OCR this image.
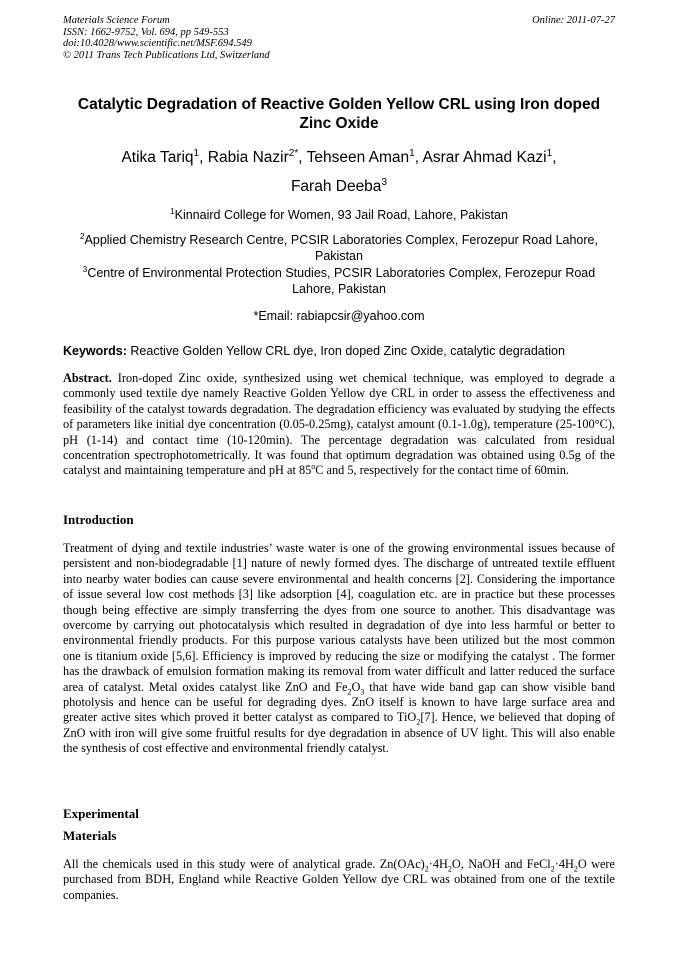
Materials Science Forum
ISSN: 1662-9752, Vol. 694, pp 549-553
doi:10.4028/www.scientific.net/MSF.694.549
© 2011 Trans Tech Publications Ltd, Switzerland
Online: 2011-07-27
Catalytic Degradation of Reactive Golden Yellow CRL using Iron doped
Zinc Oxide
Atika Tariq$^1$, Rabia Nazir$^{2*}$, Tehseen Aman$^1$, Asrar Ahmad Kazi$^1$,
Farah Deeba$^3$
$^1$Kinnaird College for Women, 93 Jail Road, Lahore, Pakistan
$^2$Applied Chemistry Research Centre, PCSIR Laboratories Complex, Ferozepur Road Lahore,
Pakistan
$^3$Centre of Environmental Protection Studies, PCSIR Laboratories Complex, Ferozepur Road
Lahore, Pakistan
*Email: rabiapcsir@yahoo.com
Keywords: Reactive Golden Yellow CRL dye, Iron doped Zinc Oxide, catalytic degradation
Abstract. Iron-doped Zinc oxide, synthesized using wet chemical technique, was employed to degrade a commonly used textile dye namely Reactive Golden Yellow dye CRL in order to assess the effectiveness and feasibility of the catalyst towards degradation. The degradation efficiency was evaluated by studying the effects of parameters like initial dye concentration (0.05-0.25mg), catalyst amount (0.1-1.0g), temperature (25-100°C), pH (1-14) and contact time (10-120min). The percentage degradation was calculated from residual concentration spectrophotometrically. It was found that optimum degradation was obtained using 0.5g of the catalyst and maintaining temperature and pH at 85$^o$C and 5, respectively for the contact time of 60min.
Introduction
Treatment of dying and textile industries’ waste water is one of the growing environmental issues because of persistent and non-biodegradable [1] nature of newly formed dyes. The discharge of untreated textile effluent into nearby water bodies can cause severe environmental and health concerns [2]. Considering the importance of issue several low cost methods [3] like adsorption [4], coagulation etc. are in practice but these processes though being effective are simply transferring the dyes from one source to another. This disadvantage was overcome by carrying out photocatalysis which resulted in degradation of dye into less harmful or better to environmental friendly products. For this purpose various catalysts have been utilized but the most common one is titanium oxide [5,6]. Efficiency is improved by reducing the size or modifying the catalyst . The former has the drawback of emulsion formation making its removal from water difficult and latter reduced the surface area of catalyst. Metal oxides catalyst like ZnO and $Fe_2O_3$ that have wide band gap can show visible band photolysis and hence can be useful for degrading dyes. ZnO itself is known to have large surface area and greater active sites which proved it better catalyst as compared to TiO$_2$[7]. Hence, we believed that doping of ZnO with iron will give some fruitful results for dye degradation in absence of UV light. This will also enable the synthesis of cost effective and environmental friendly catalyst.
Experimental
Materials
All the chemicals used in this study were of analytical grade. $Zn(OAc)_2\cdot 4H_2O$, NaOH and $FeCl_2\cdot 4H_2O$ were purchased from BDH, England while Reactive Golden Yellow dye CRL was obtained from one of the textile companies.
